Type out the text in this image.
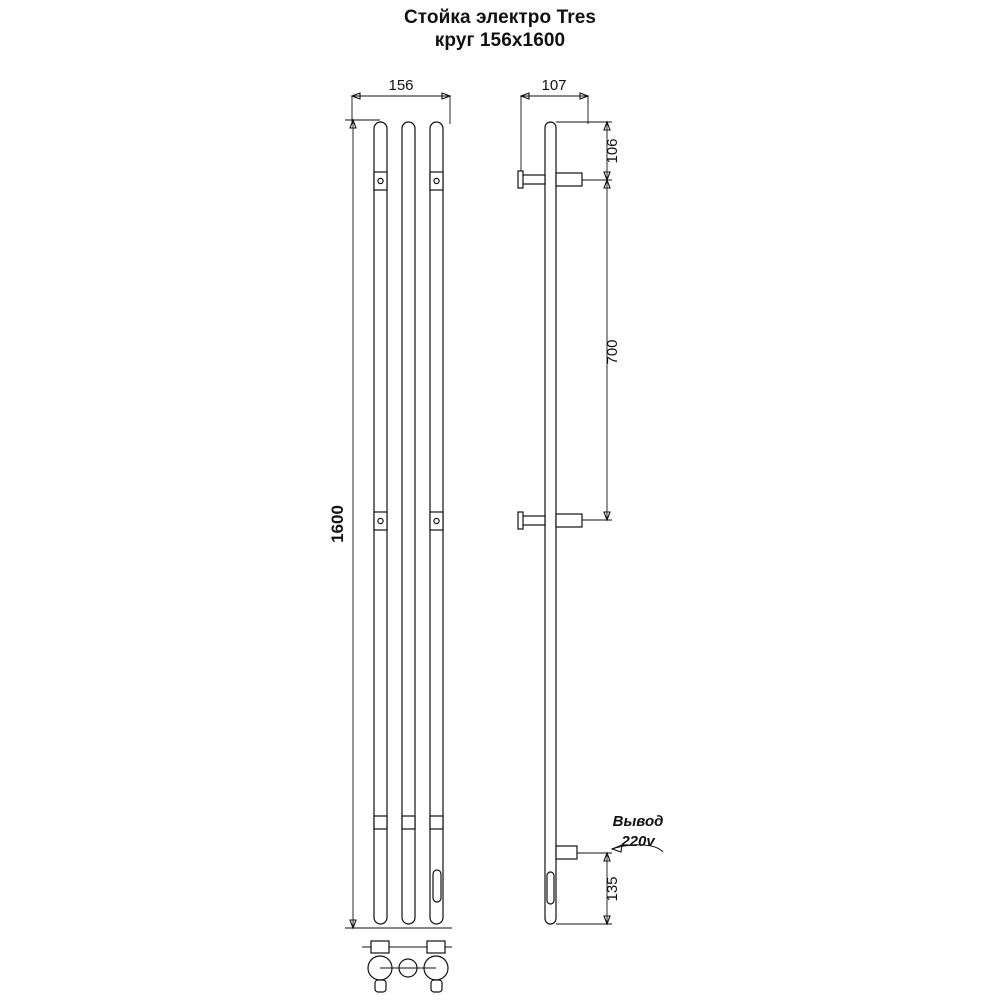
Стойка электро Tres
круг 156x1600
156
1600
107
106
700
135
Вывод
220v
